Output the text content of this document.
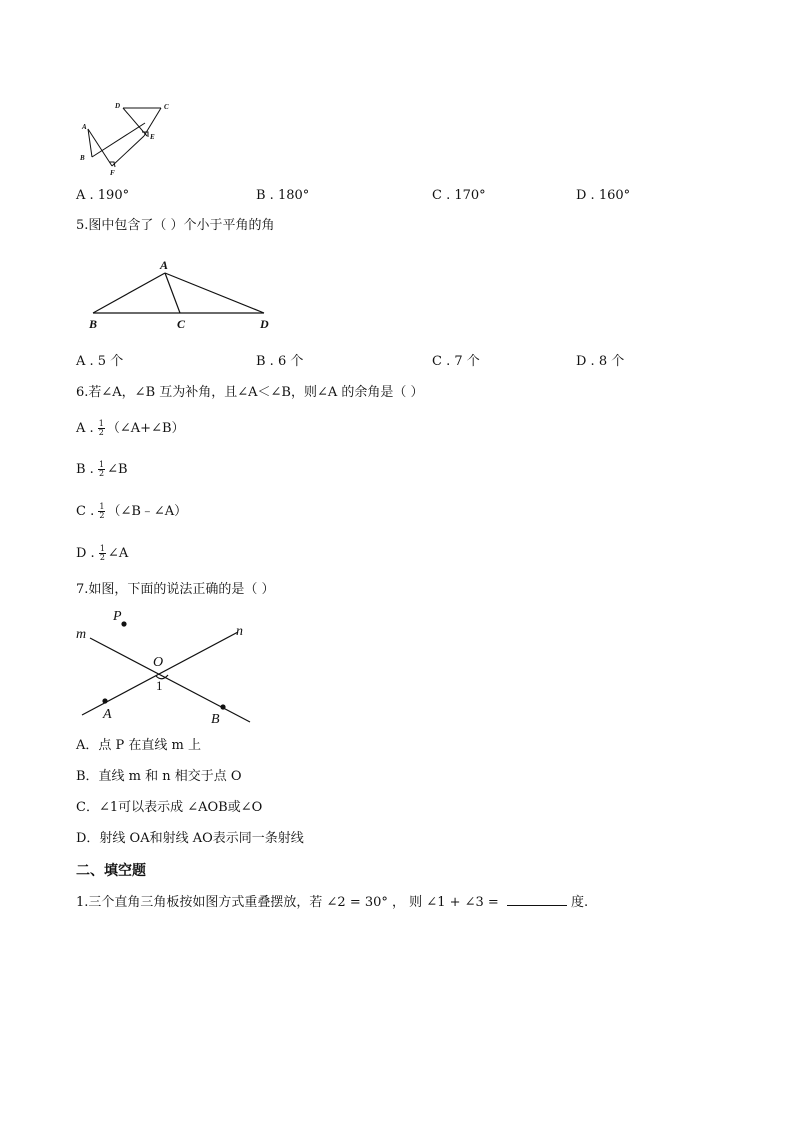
D	C
E
A
B
F
A . 190°	B . 180°	C . 170°	D . 160°
5.图中包含了（ ）个小于平角的角
A
B	C	D
A . 5 个	B . 6 个	C . 7 个	D . 8 个
6.若∠A，∠B 互为补角，且∠A＜∠B，则∠A 的余角是（ ）
A . $\frac{1}{2}$ （∠A+∠B）
B . $\frac{1}{2}$ ∠B
C . $\frac{1}{2}$ （∠B﹣∠A）
D . $\frac{1}{2}$ ∠A
7.如图，下面的说法正确的是（ ）
P
m	n
O
A	B
1
A．点 P 在直线 m 上
B．直线 m 和 n 相交于点 O
C．∠1可以表示成 ∠AOB或∠O
D．射线 OA和射线 AO表示同一条射线
二、填空题
1.三个直角三角板按如图方式重叠摆放，若 ∠2 = 30° ， 则 ∠1 + ∠3 =	度.
